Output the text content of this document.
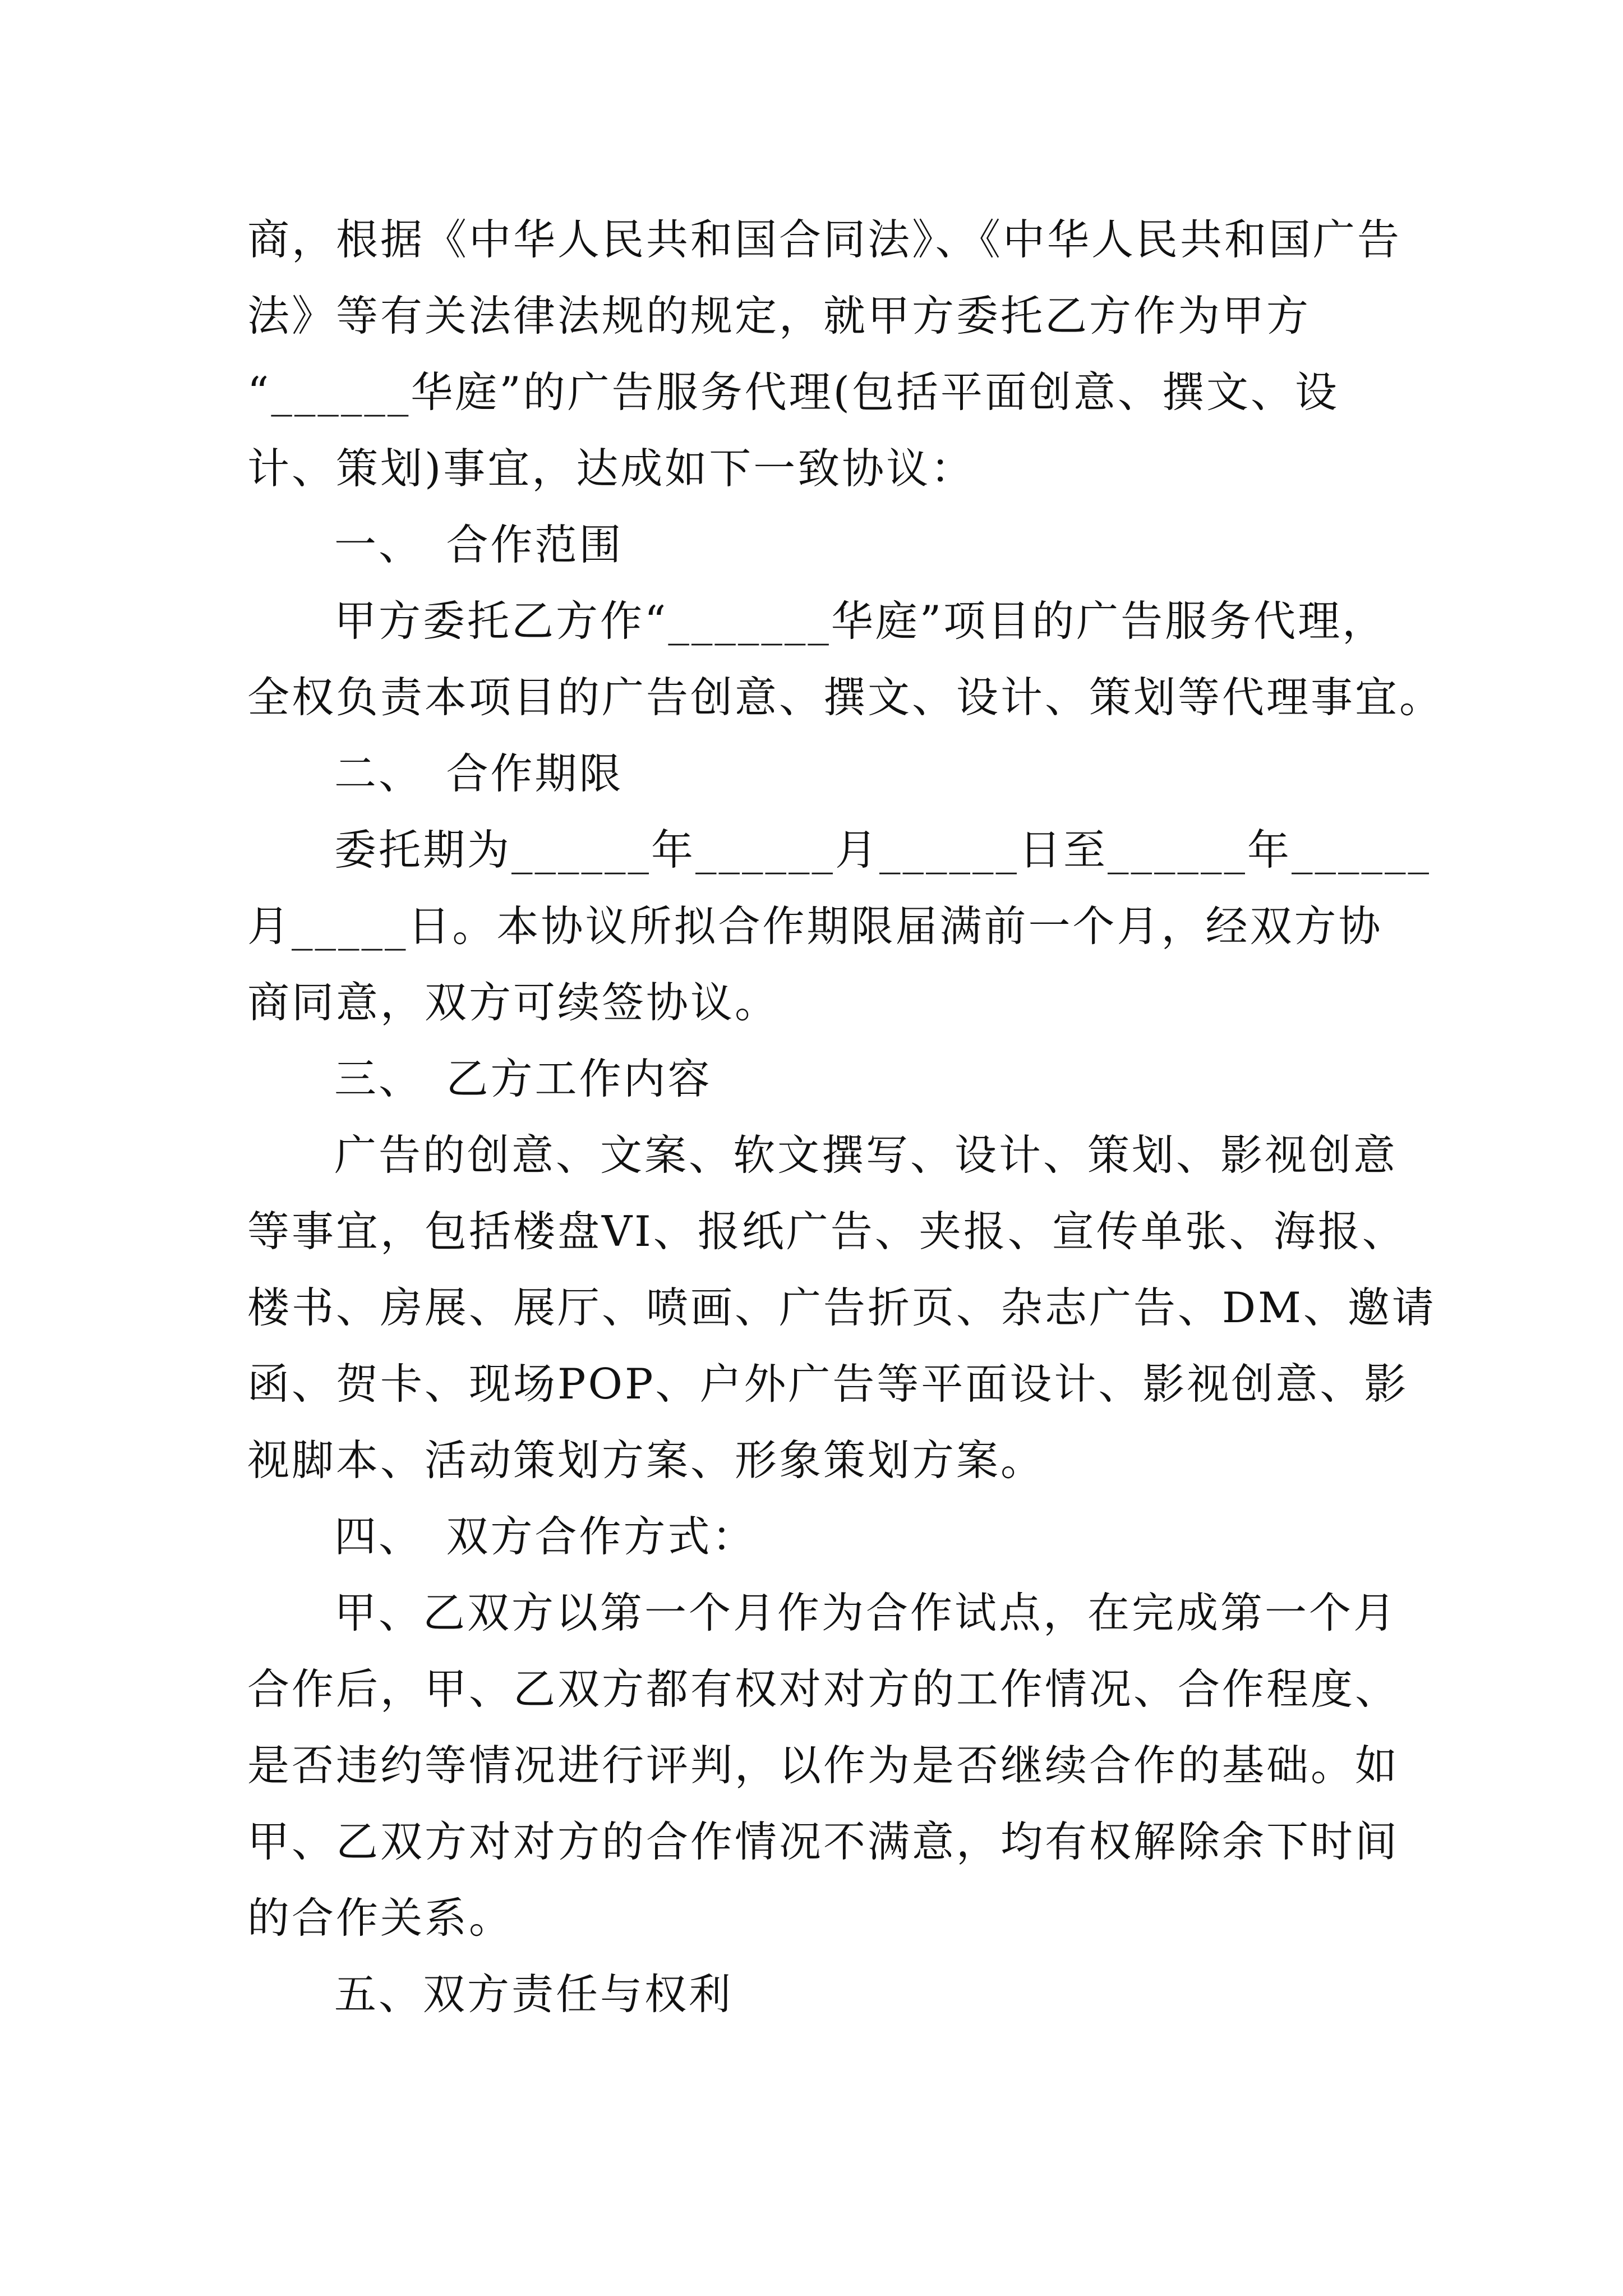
商，根据《中华人民共和国合同法》、《中华人民共和国广告
法》等有关法律法规的规定，就甲方委托乙方作为甲方
“______华庭”的广告服务代理(包括平面创意、撰文、设
计、策划)事宜，达成如下一致协议：
一、　合作范围
甲方委托乙方作“_______华庭”项目的广告服务代理，
全权负责本项目的广告创意、撰文、设计、策划等代理事宜。
二、　合作期限
委托期为______年______月______日至______年______
月_____日。本协议所拟合作期限届满前一个月，经双方协
商同意，双方可续签协议。
三、　乙方工作内容
广告的创意、文案、软文撰写、设计、策划、影视创意
等事宜，包括楼盘VI、报纸广告、夹报、宣传单张、海报、
楼书、房展、展厅、喷画、广告折页、杂志广告、DM、邀请
函、贺卡、现场POP、户外广告等平面设计、影视创意、影
视脚本、活动策划方案、形象策划方案。
四、　双方合作方式：
甲、乙双方以第一个月作为合作试点，在完成第一个月
合作后，甲、乙双方都有权对对方的工作情况、合作程度、
是否违约等情况进行评判，以作为是否继续合作的基础。如
甲、乙双方对对方的合作情况不满意，均有权解除余下时间
的合作关系。
五、双方责任与权利
